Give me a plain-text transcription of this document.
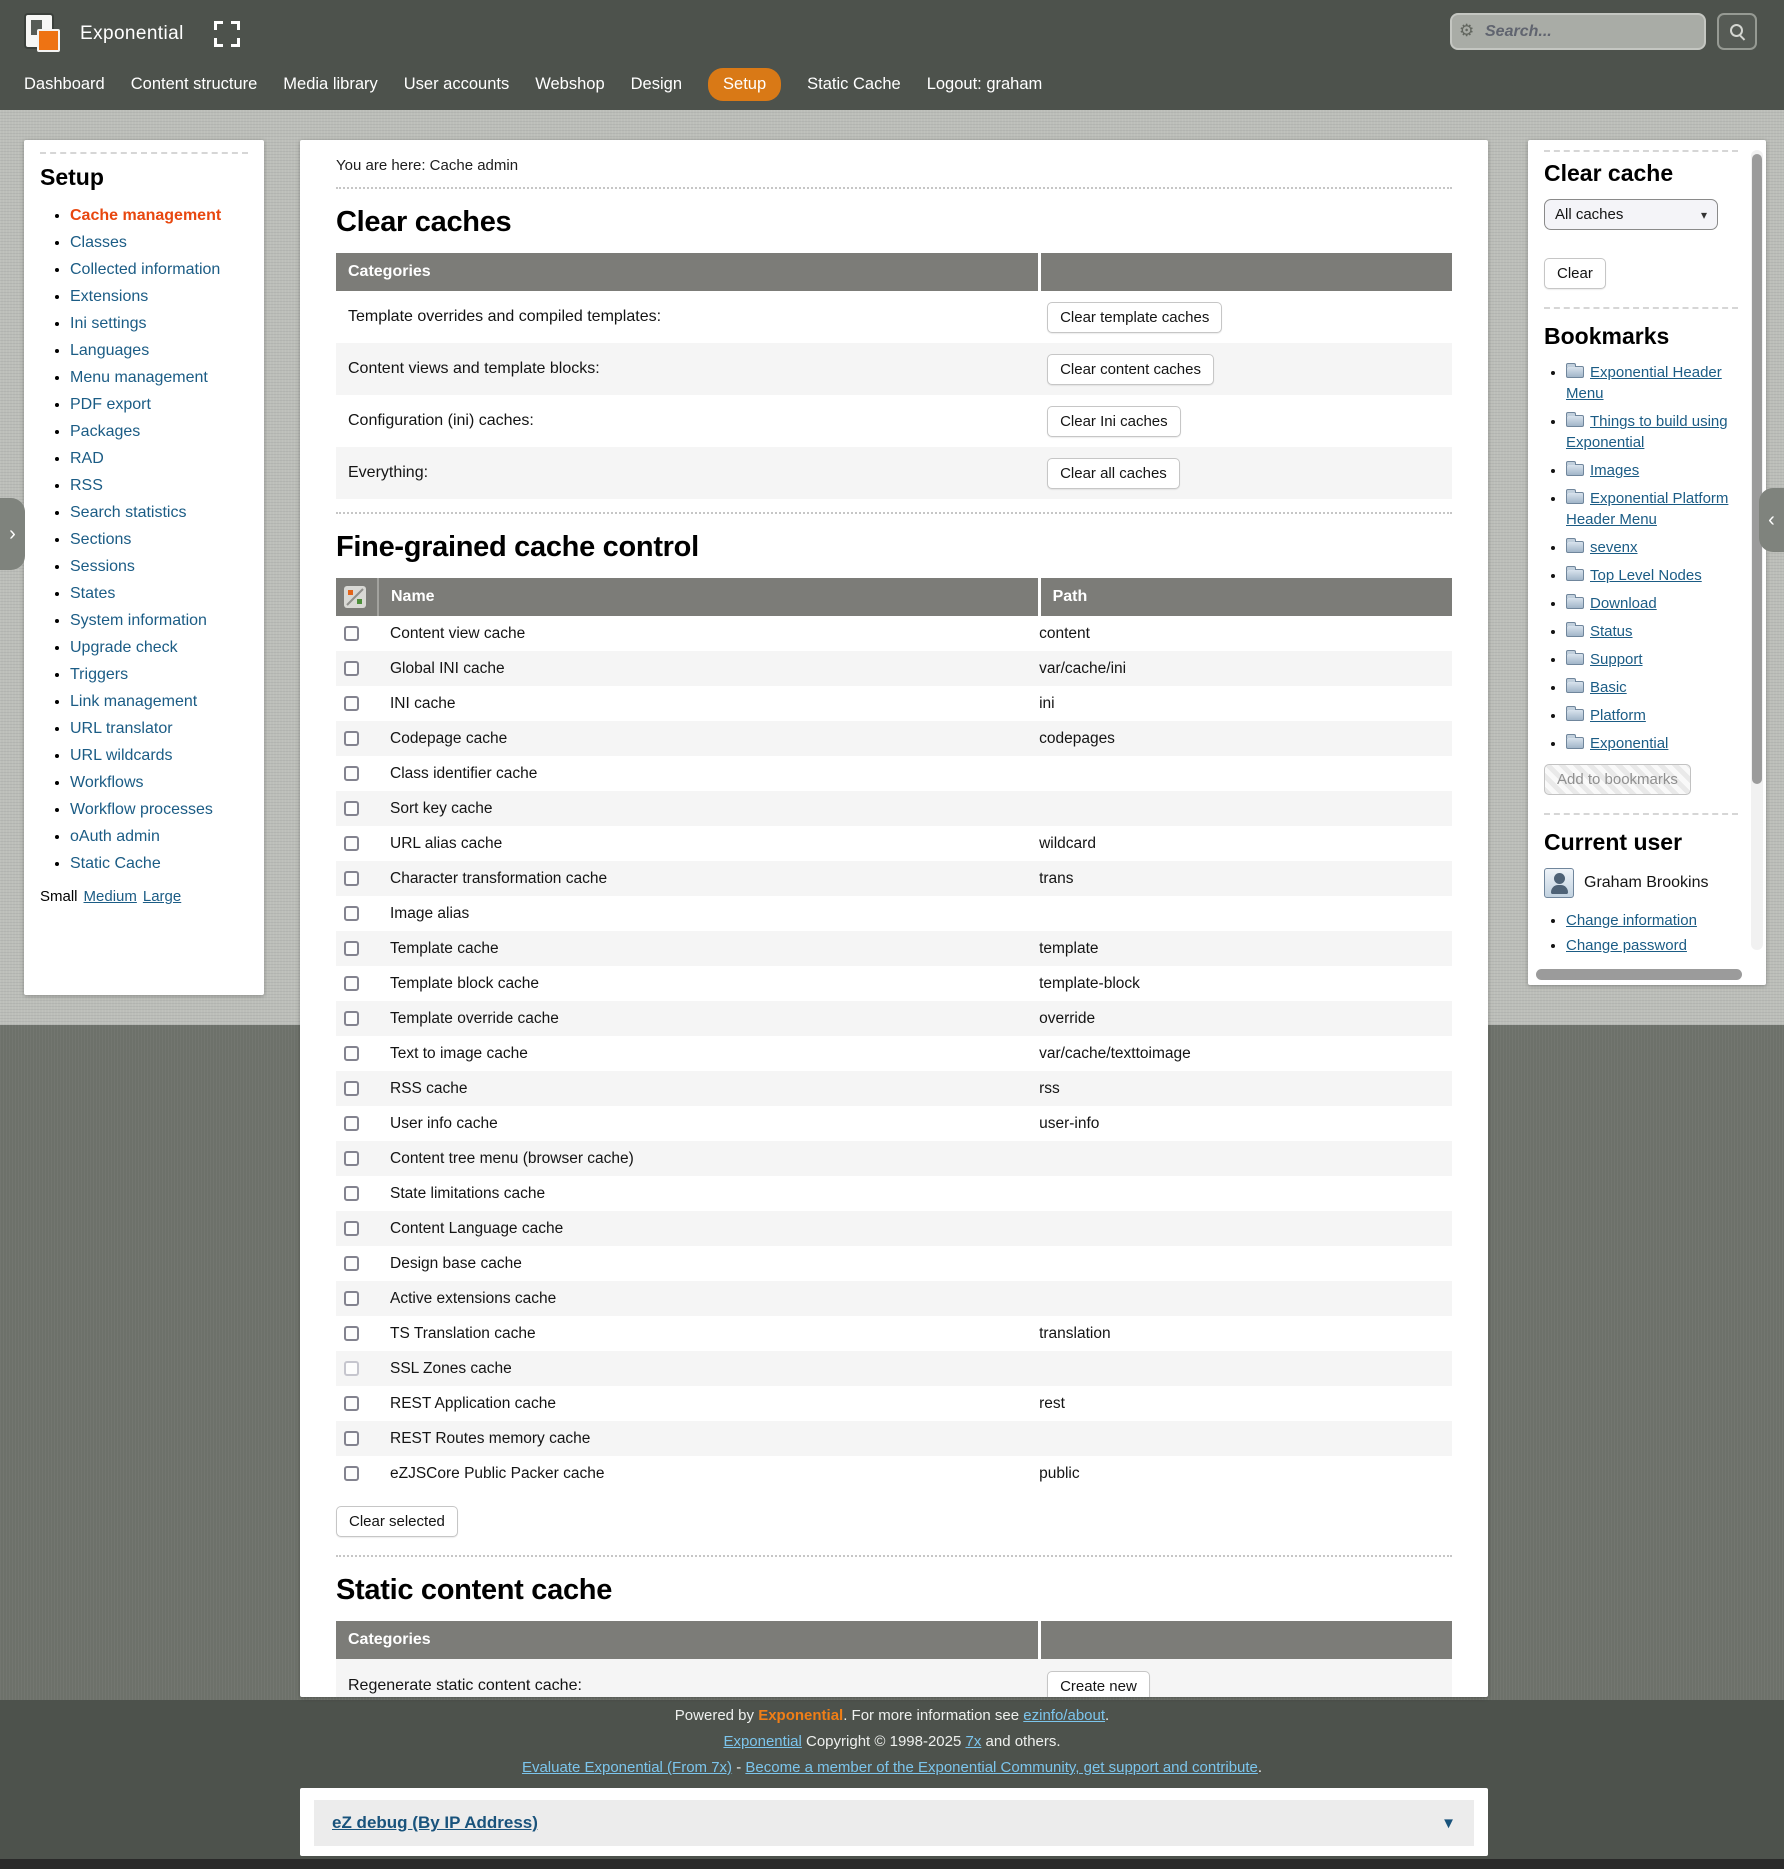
Exponential	⚙
Search...
Dashboard Content structure Media library User accounts Webshop Design	Setup	Static Cache Logout: graham
›
‹
Setup
• Cache management
• Classes
• Collected information
• Extensions
• Ini settings
• Languages
• Menu management
• PDF export
• Packages
• RAD
• RSS
• Search statistics
• Sections
• Sessions
• States
• System information
• Upgrade check
• Triggers
• Link management
• URL translator
• URL wildcards
• Workflows
• Workflow processes
• oAuth admin
• Static Cache
Small Medium Large
You are here: Cache admin
Clear caches
Categories	
Template overrides and compiled templates:	Clear template caches
Content views and template blocks:	Clear content caches
Configuration (ini) caches:	Clear Ini caches
Everything:	Clear all caches
Fine-grained cache control
	Name	Path
	Content view cache	content
	Global INI cache	var/cache/ini
	INI cache	ini
	Codepage cache	codepages
	Class identifier cache	
	Sort key cache	
	URL alias cache	wildcard
	Character transformation cache	trans
	Image alias	
	Template cache	template
	Template block cache	template-block
	Template override cache	override
	Text to image cache	var/cache/texttoimage
	RSS cache	rss
	User info cache	user-info
	Content tree menu (browser cache)	
	State limitations cache	
	Content Language cache	
	Design base cache	
	Active extensions cache	
	TS Translation cache	translation
	SSL Zones cache	
	REST Application cache	rest
	REST Routes memory cache	
	eZJSCore Public Packer cache	public
Clear selected
Static content cache
Categories	
Regenerate static content cache:	Create new
Clear cache
All caches	▾
Clear
Bookmarks
• Exponential Header Menu
• Things to build using Exponential
• Images
• Exponential Platform Header Menu
• sevenx
• Top Level Nodes
• Download
• Status
• Support
• Basic
• Platform
• Exponential
Add to bookmarks
Current user
Graham Brookins
• Change information
• Change password

Powered by Exponential. For more information see ezinfo/about.

Exponential Copyright © 1998-2025 7x and others.

Evaluate Exponential (From 7x) - Become a member of the Exponential Community, get support and contribute.

eZ debug (By IP Address)	▼
